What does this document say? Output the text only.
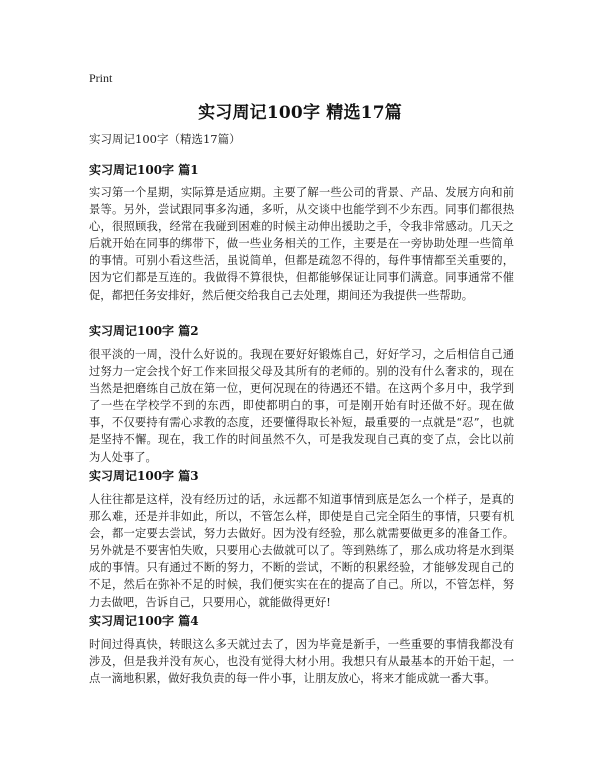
Print
实习周记100字 精选17篇
实习周记100字（精选17篇）
实习周记100字 篇1
实习第一个星期，实际算是适应期。主要了解一些公司的背景、产品、发展方向和前景等。另外，尝试跟同事多沟通，多听，从交谈中也能学到不少东西。同事们都很热心，很照顾我，经常在我碰到困难的时候主动伸出援助之手，令我非常感动。几天之后就开始在同事的绑带下，做一些业务相关的工作，主要是在一旁协助处理一些简单的事情。可别小看这些活，虽说简单，但都是疏忽不得的，每件事情都至关重要的，因为它们都是互连的。我做得不算很快，但都能够保证让同事们满意。同事通常不催促，都把任务安排好，然后便交给我自己去处理，期间还为我提供一些帮助。
实习周记100字 篇2
很平淡的一周，没什么好说的。我现在要好好锻炼自己，好好学习，之后相信自己通过努力一定会找个好工作来回报父母及其所有的老师的。别的没有什么奢求的，现在当然是把磨练自己放在第一位，更何况现在的待遇还不错。在这两个多月中，我学到了一些在学校学不到的东西，即使都明白的事，可是刚开始有时还做不好。现在做事，不仅要持有需心求教的态度，还要懂得取长补短，最重要的一点就是“忍”，也就是坚持不懈。现在，我工作的时间虽然不久，可是我发现自己真的变了点，会比以前为人处事了。
实习周记100字 篇3
人往往都是这样，没有经历过的话，永远都不知道事情到底是怎么一个样子，是真的那么难，还是并非如此，所以，不管怎么样，即使是自己完全陌生的事情，只要有机会，都一定要去尝试，努力去做好。因为没有经验，那么就需要做更多的准备工作。另外就是不要害怕失败，只要用心去做就可以了。等到熟练了，那么成功将是水到渠成的事情。只有通过不断的努力，不断的尝试，不断的积累经验，才能够发现自己的不足，然后在弥补不足的时候，我们便实实在在的提高了自己。所以，不管怎样，努力去做吧，告诉自己，只要用心，就能做得更好!
实习周记100字 篇4
时间过得真快，转眼这么多天就过去了，因为毕竟是新手，一些重要的事情我都没有涉及，但是我并没有灰心，也没有觉得大材小用。我想只有从最基本的开始干起，一点一滴地积累，做好我负责的每一件小事，让朋友放心，将来才能成就一番大事。
